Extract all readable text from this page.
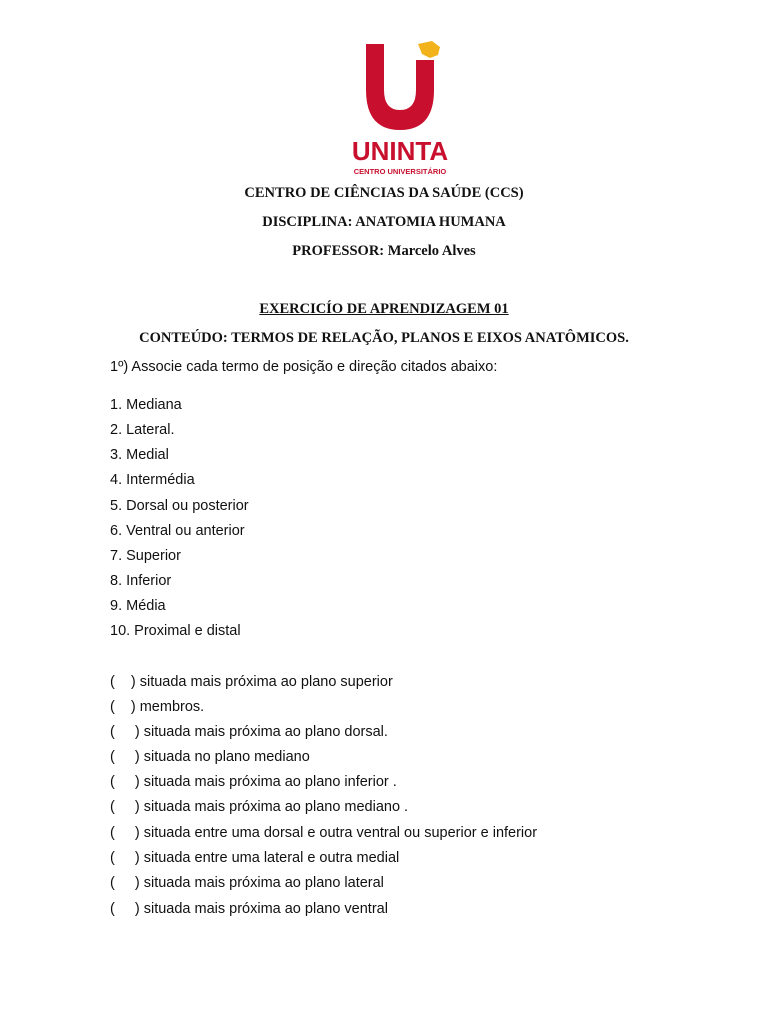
UNINTA
CENTRO UNIVERSITÁRIO
CENTRO DE CIÊNCIAS DA SAÚDE (CCS)
DISCIPLINA: ANATOMIA HUMANA
PROFESSOR: Marcelo Alves
EXERCICÍO DE APRENDIZAGEM 01
CONTEÚDO: TERMOS DE RELAÇÃO, PLANOS E EIXOS ANATÔMICOS.
1º) Associe cada termo de posição e direção citados abaixo:
1. Mediana
2. Lateral.
3. Medial
4. Intermédia
5. Dorsal ou posterior
6. Ventral ou anterior
7. Superior
8. Inferior
9. Média
10. Proximal e distal
( ) situada mais próxima ao plano superior
( ) membros.
( ) situada mais próxima ao plano dorsal.
( ) situada no plano mediano
( ) situada mais próxima ao plano inferior .
( ) situada mais próxima ao plano mediano .
( ) situada entre uma dorsal e outra ventral ou superior e inferior
( ) situada entre uma lateral e outra medial
( ) situada mais próxima ao plano lateral
( ) situada mais próxima ao plano ventral
